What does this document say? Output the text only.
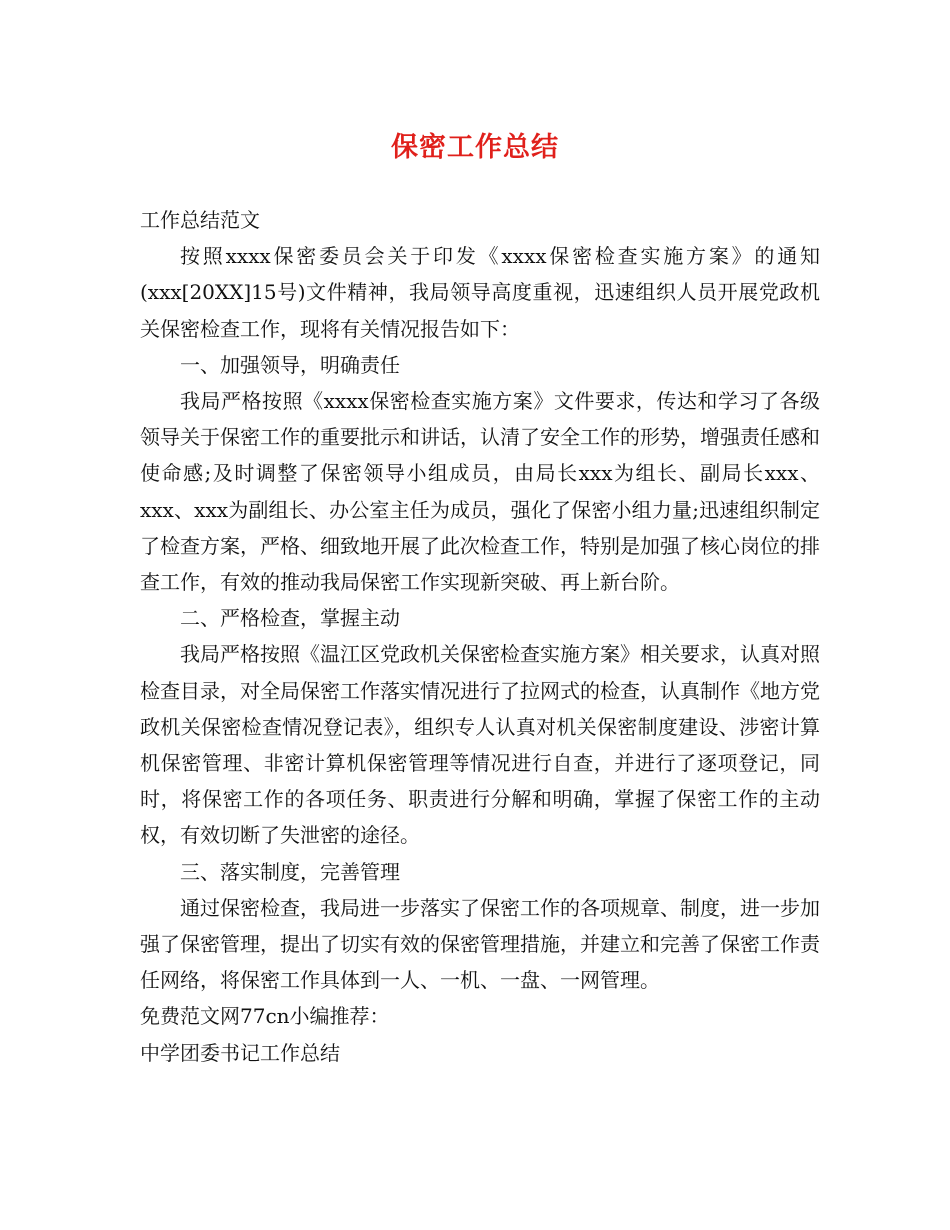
保密工作总结

工作总结范文

按照xxxx保密委员会关于印发《xxxx保密检查实施方案》的通知(xxx[20XX]15号)文件精神，我局领导高度重视，迅速组织人员开展党政机关保密检查工作，现将有关情况报告如下：

一、加强领导，明确责任

我局严格按照《xxxx保密检查实施方案》文件要求，传达和学习了各级领导关于保密工作的重要批示和讲话，认清了安全工作的形势，增强责任感和使命感;及时调整了保密领导小组成员，由局长xxx为组长、副局长xxx、xxx、xxx为副组长、办公室主任为成员，强化了保密小组力量;迅速组织制定了检查方案，严格、细致地开展了此次检查工作，特别是加强了核心岗位的排查工作，有效的推动我局保密工作实现新突破、再上新台阶。

二、严格检查，掌握主动

我局严格按照《温江区党政机关保密检查实施方案》相关要求，认真对照检查目录，对全局保密工作落实情况进行了拉网式的检查，认真制作《地方党政机关保密检查情况登记表》，组织专人认真对机关保密制度建设、涉密计算机保密管理、非密计算机保密管理等情况进行自查，并进行了逐项登记，同时，将保密工作的各项任务、职责进行分解和明确，掌握了保密工作的主动权，有效切断了失泄密的途径。

三、落实制度，完善管理

通过保密检查，我局进一步落实了保密工作的各项规章、制度，进一步加强了保密管理，提出了切实有效的保密管理措施，并建立和完善了保密工作责任网络，将保密工作具体到一人、一机、一盘、一网管理。

免费范文网77cn小编推荐：

中学团委书记工作总结
